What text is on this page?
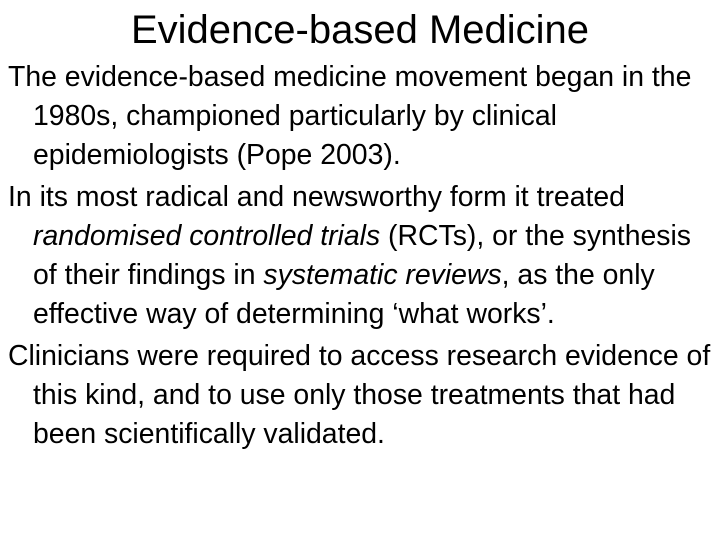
Evidence-based Medicine

The evidence-based medicine movement began in the 1980s, championed particularly by clinical epidemiologists (Pope 2003).

In its most radical and newsworthy form it treated randomised controlled trials (RCTs), or the synthesis of their findings in systematic reviews, as the only effective way of determining ‘what works’.

Clinicians were required to access research evidence of this kind, and to use only those treatments that had been scientifically validated.
